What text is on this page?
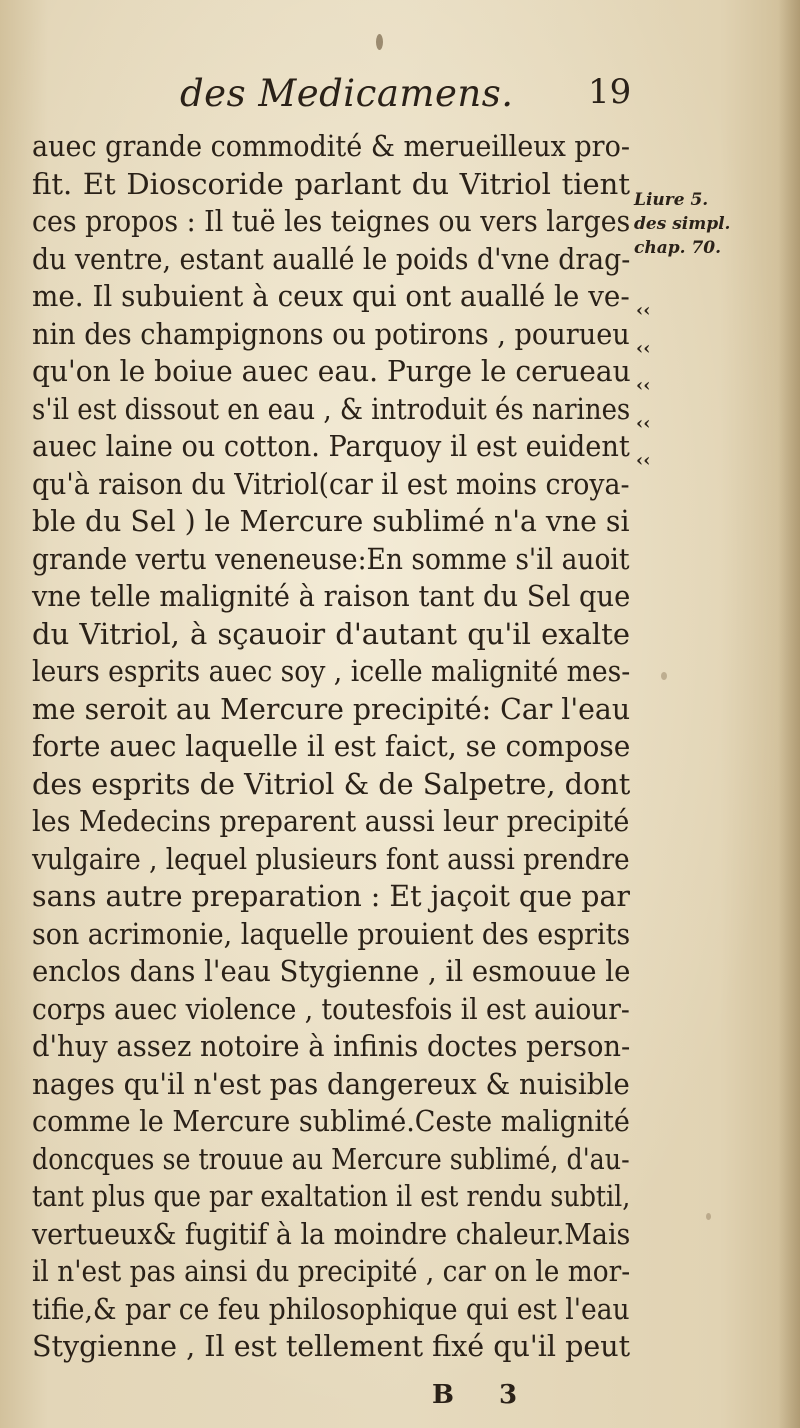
des Medicamens. 19
auec grande commodité & merueilleux pro-
fit. Et Dioscoride parlant du Vitriol tient
ces propos : Il tuë les teignes ou vers larges
du ventre, estant auallé le poids d'vne drag-
me. Il subuient à ceux qui ont auallé le ve-
nin des champignons ou potirons , pourueu
qu'on le boiue auec eau. Purge le cerueau
s'il est dissout en eau , & introduit és narines
auec laine ou cotton. Parquoy il est euident
qu'à raison du Vitriol(car il est moins croya-
ble du Sel ) le Mercure sublimé n'a vne si
grande vertu veneneuse:En somme s'il auoit
vne telle malignité à raison tant du Sel que
du Vitriol, à sçauoir d'autant qu'il exalte
leurs esprits auec soy , icelle malignité mes-
me seroit au Mercure precipité: Car l'eau
forte auec laquelle il est faict, se compose
des esprits de Vitriol & de Salpetre, dont
les Medecins preparent aussi leur precipité
vulgaire , lequel plusieurs font aussi prendre
sans autre preparation : Et jaçoit que par
son acrimonie, laquelle prouient des esprits
enclos dans l'eau Stygienne , il esmouue le
corps auec violence , toutesfois il est auiour-
d'huy assez notoire à infinis doctes person-
nages qu'il n'est pas dangereux & nuisible
comme le Mercure sublimé.Ceste malignité
doncques se trouue au Mercure sublimé, d'au-
tant plus que par exaltation il est rendu subtil,
vertueux& fugitif à la moindre chaleur.Mais
il n'est pas ainsi du precipité , car on le mor-
tifie,& par ce feu philosophique qui est l'eau
Stygienne , Il est tellement fixé qu'il peut
Liure 5.
des simpl.
chap. 70.
‹‹
‹‹
‹‹
‹‹
‹‹
B 3
